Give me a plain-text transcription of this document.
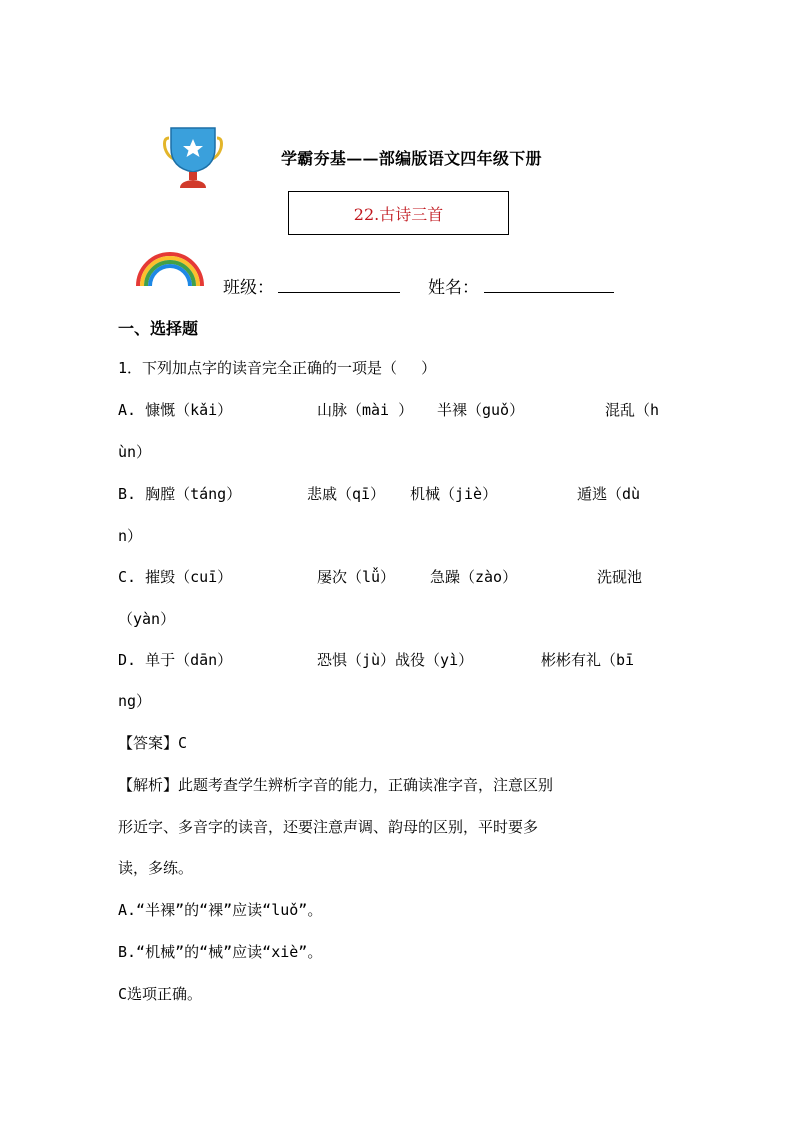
学霸夯基——部编版语文四年级下册
22.古诗三首
班级：	姓名：
一、选择题
1．下列加点字的读音完全正确的一项是（　 ）
A. 慷慨（kǎi）	山脉（mài ） 半裸（guǒ）	混乱（h
ùn）
B. 胸膛（táng）	悲戚（qī） 机械（jiè）	遁逃（dù
n）
C. 摧毁（cuī）	屡次（lǚ） 急躁（zào）	洗砚池
（yàn）
D. 单于（dān）	恐惧（jù）战役（yì）	彬彬有礼（bī
ng）
【答案】C
【解析】此题考查学生辨析字音的能力，正确读准字音，注意区别
形近字、多音字的读音，还要注意声调、韵母的区别，平时要多
读，多练。
A.“半裸”的“裸”应读“luǒ”。
B.“机械”的“械”应读“xiè”。
C选项正确。
